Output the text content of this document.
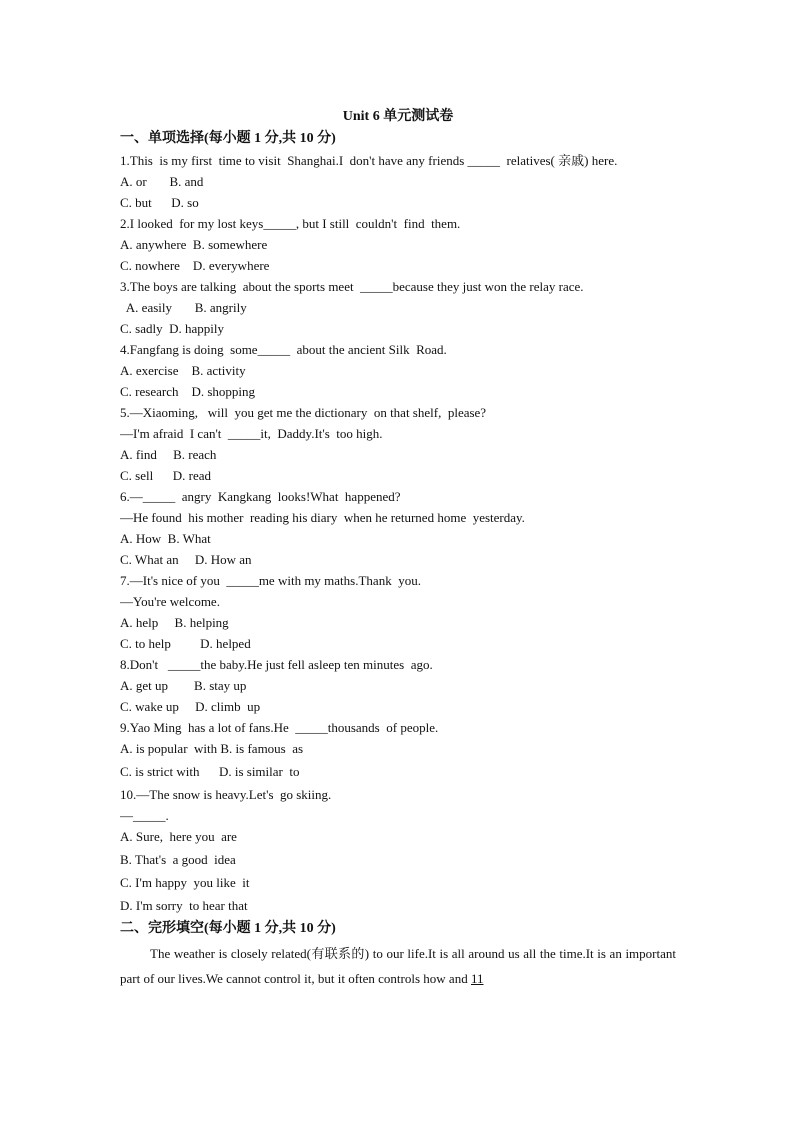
Unit 6 单元测试卷
一、单项选择(每小题 1 分,共 10 分)
1.This  is my first  time to visit  Shanghai.I  don't have any friends _____  relatives( 亲戚) here.
A. or       B. and
C. but      D. so
2.I looked  for my lost keys_____, but I still  couldn't  find  them.
A. anywhere  B. somewhere
C. nowhere    D. everywhere
3.The boys are talking  about the sports meet  _____because they just won the relay race.
A. easily       B. angrily
C. sadly  D. happily
4.Fangfang is doing  some_____  about the ancient Silk  Road.
A. exercise    B. activity
C. research    D. shopping
5.—Xiaoming,   will  you get me the dictionary  on that shelf,  please?
—I'm afraid  I can't  _____it,  Daddy.It's  too high.
A. find     B. reach
C. sell      D. read
6.—_____  angry  Kangkang  looks!What  happened?
—He found  his mother  reading his diary  when he returned home  yesterday.
A. How  B. What
C. What an     D. How an
7.—It's nice of you  _____me with my maths.Thank  you.
—You're welcome.
A. help     B. helping
C. to help         D. helped
8.Don't   _____the baby.He just fell asleep ten minutes  ago.
A. get up        B. stay up
C. wake up     D. climb  up
9.Yao Ming  has a lot of fans.He  _____thousands  of people.
A. is popular  with B. is famous  as
C. is strict with      D. is similar  to
10.—The snow is heavy.Let's  go skiing.
—_____.
A. Sure,  here you  are
B. That's  a good  idea
C. I'm happy  you like  it
D. I'm sorry  to hear that
二、完形填空(每小题 1 分,共 10 分)
The weather is closely related(有联系的) to our life.It is all around us all the time.It is an important part of our lives.We cannot control it, but it often controls how and 11
